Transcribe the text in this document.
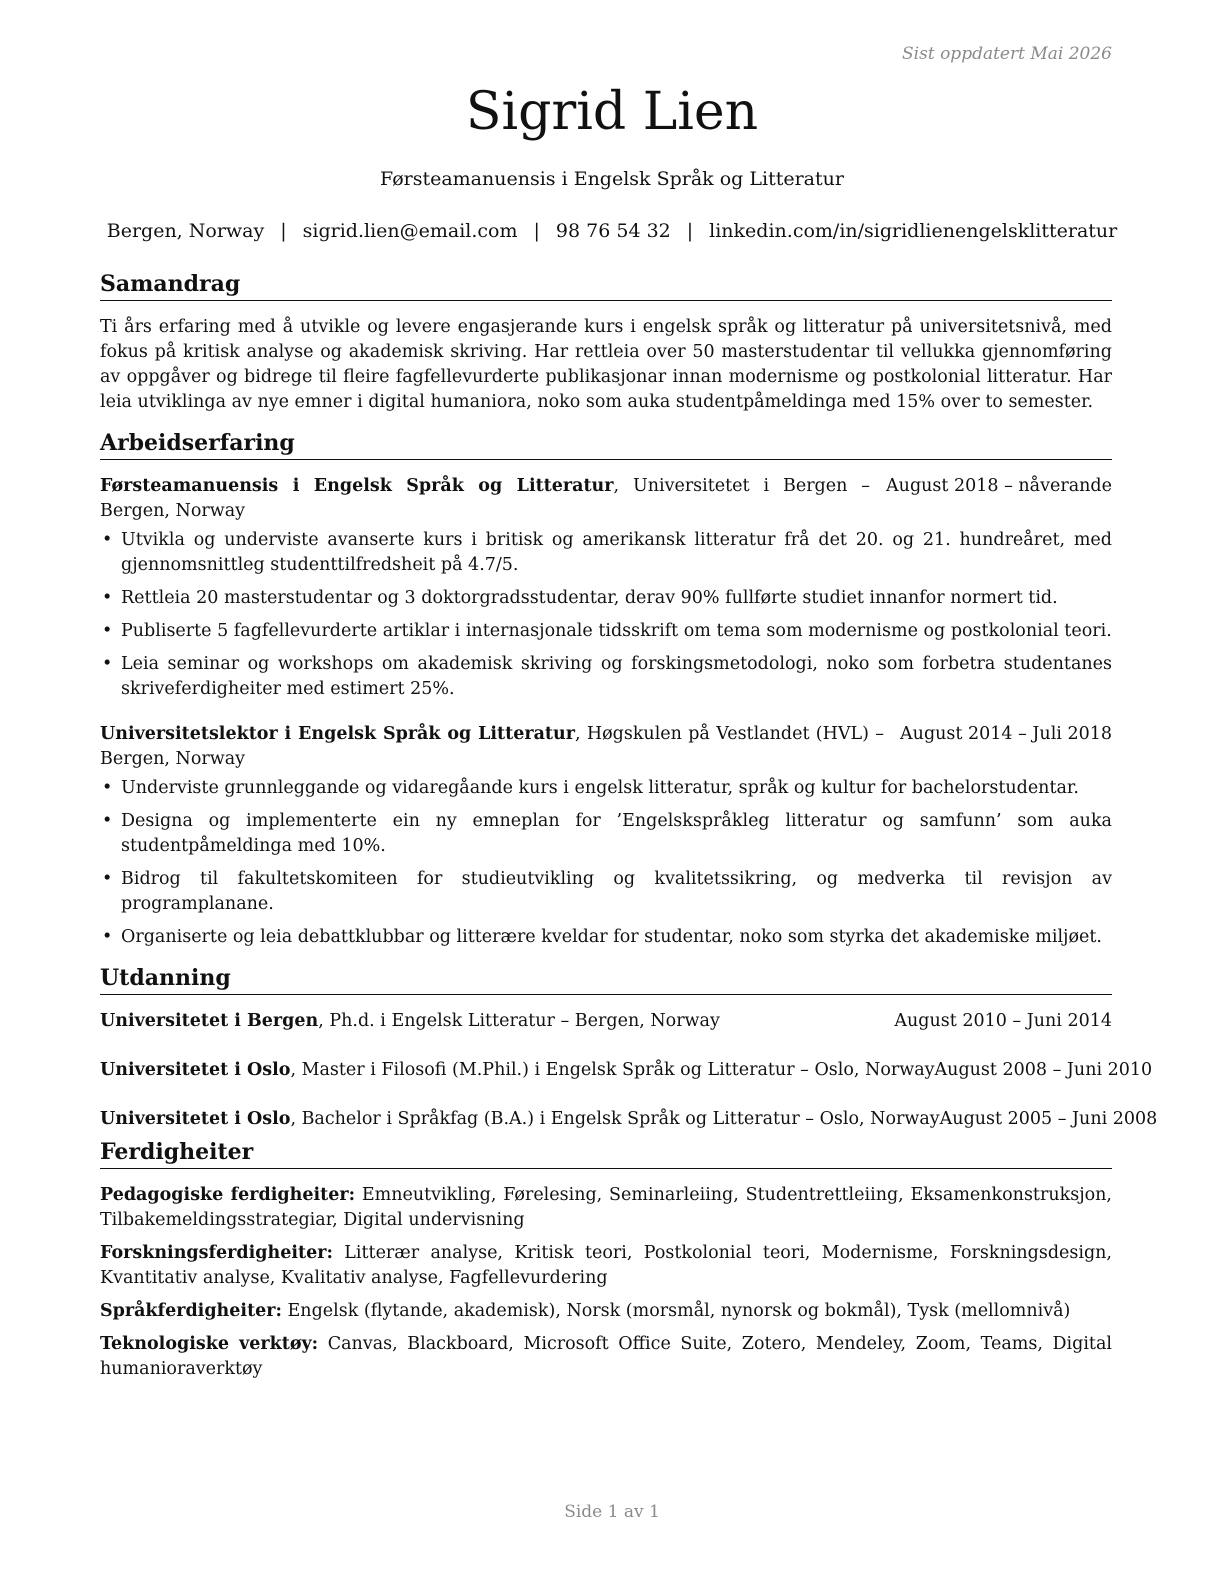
Sist oppdatert Mai 2026
Sigrid Lien
Førsteamanuensis i Engelsk Språk og Litteratur
Bergen, Norway | sigrid.lien@email.com | 98 76 54 32 | linkedin.com/in/sigridlienengelsklitteratur
Samandrag

Ti års erfaring med å utvikle og levere engasjerande kurs i engelsk språk og litteratur på universitetsnivå, med fokus på kritisk analyse og akademisk skriving. Har rettleia over 50 masterstudentar til vellukka gjennomføring av oppgåver og bidrege til fleire fagfellevurderte publikasjonar innan modernisme og postkolonial litteratur. Har leia utviklinga av nye emner i digital humaniora, noko som auka studentpåmeldinga med 15% over to semester.

Arbeidserfaring
Førsteamanuensis i Engelsk Språk og Litteratur, Universitetet i Bergen – Bergen, Norway
August 2018 – nåverande
• Utvikla og underviste avanserte kurs i britisk og amerikansk litteratur frå det 20. og 21. hundreåret, med gjennomsnittleg studenttilfredsheit på 4.7/5.
• Rettleia 20 masterstudentar og 3 doktorgradsstudentar, derav 90% fullførte studiet innanfor normert tid.
• Publiserte 5 fagfellevurderte artiklar i internasjonale tidsskrift om tema som modernisme og postkolonial teori.
• Leia seminar og workshops om akademisk skriving og forskingsmetodologi, noko som forbetra studentanes skriveferdigheiter med estimert 25%.
Universitetslektor i Engelsk Språk og Litteratur, Høgskulen på Vestlandet (HVL) – Bergen, Norway
August 2014 – Juli 2018
• Underviste grunnleggande og vidaregåande kurs i engelsk litteratur, språk og kultur for bachelorstudentar.
• Designa og implementerte ein ny emneplan for ’Engelskspråkleg litteratur og samfunn’ som auka studentpåmeldinga med 10%.
• Bidrog til fakultetskomiteen for studieutvikling og kvalitetssikring, og medverka til revisjon av programplanane.
• Organiserte og leia debattklubbar og litterære kveldar for studentar, noko som styrka det akademiske miljøet.
Utdanning
Universitetet i Bergen, Ph.d. i Engelsk Litteratur – Bergen, Norway	August 2010 – Juni 2014
Universitetet i Oslo, Master i Filosofi (M.Phil.) i Engelsk Språk og Litteratur – Oslo, Norway August 2008 – Juni 2010
Universitetet i Oslo, Bachelor i Språkfag (B.A.) i Engelsk Språk og Litteratur – Oslo, Norway August 2005 – Juni 2008
Ferdigheiter

Pedagogiske ferdigheiter: Emneutvikling, Førelesing, Seminarleiing, Studentrettleiing, Eksamenkonstruksjon, Tilbakemeldingsstrategiar, Digital undervisning

Forskningsferdigheiter: Litterær analyse, Kritisk teori, Postkolonial teori, Modernisme, Forskningsdesign, Kvantitativ analyse, Kvalitativ analyse, Fagfellevurdering

Språkferdigheiter: Engelsk (flytande, akademisk), Norsk (morsmål, nynorsk og bokmål), Tysk (mellomnivå)

Teknologiske verktøy: Canvas, Blackboard, Microsoft Office Suite, Zotero, Mendeley, Zoom, Teams, Digital humanioraverktøy

Side 1 av 1
